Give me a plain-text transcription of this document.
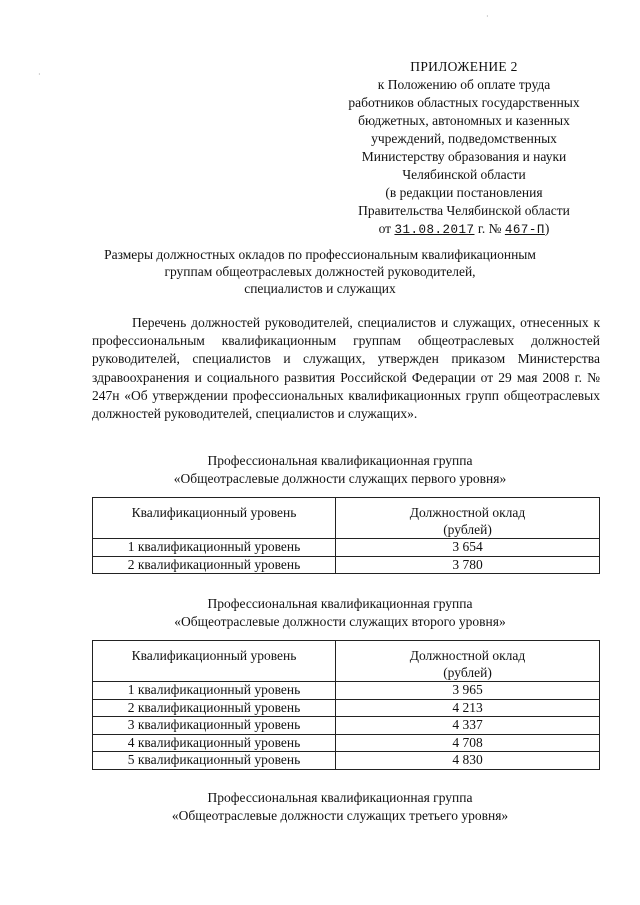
ПРИЛОЖЕНИЕ 2
к Положению об оплате труда
работников областных государственных
бюджетных, автономных и казенных
учреждений, подведомственных
Министерству образования и науки
Челябинской области
(в редакции постановления
Правительства Челябинской области
от 31.08.2017 г. № 467-П)
Размеры должностных окладов по профессиональным квалификационным
группам общеотраслевых должностей руководителей,
специалистов и служащих

Перечень должностей руководителей, специалистов и служащих, отнесенных к профессиональным квалификационным группам общеотраслевых должностей руководителей, специалистов и служащих, утвержден приказом Министерства здравоохранения и социального развития Российской Федерации от 29 мая 2008 г. № 247н «Об утверждении профессиональных квалификационных групп общеотраслевых должностей руководителей, специалистов и служащих».

Профессиональная квалификационная группа
«Общеотраслевые должности служащих первого уровня»
Квалификационный уровень	Должностной оклад
(рублей)

1 квалификационный уровень	3 654
2 квалификационный уровень	3 780
Профессиональная квалификационная группа
«Общеотраслевые должности служащих второго уровня»
Квалификационный уровень	Должностной оклад
(рублей)

1 квалификационный уровень	3 965
2 квалификационный уровень	4 213
3 квалификационный уровень	4 337
4 квалификационный уровень	4 708
5 квалификационный уровень	4 830
Профессиональная квалификационная группа
«Общеотраслевые должности служащих третьего уровня»
·
·
